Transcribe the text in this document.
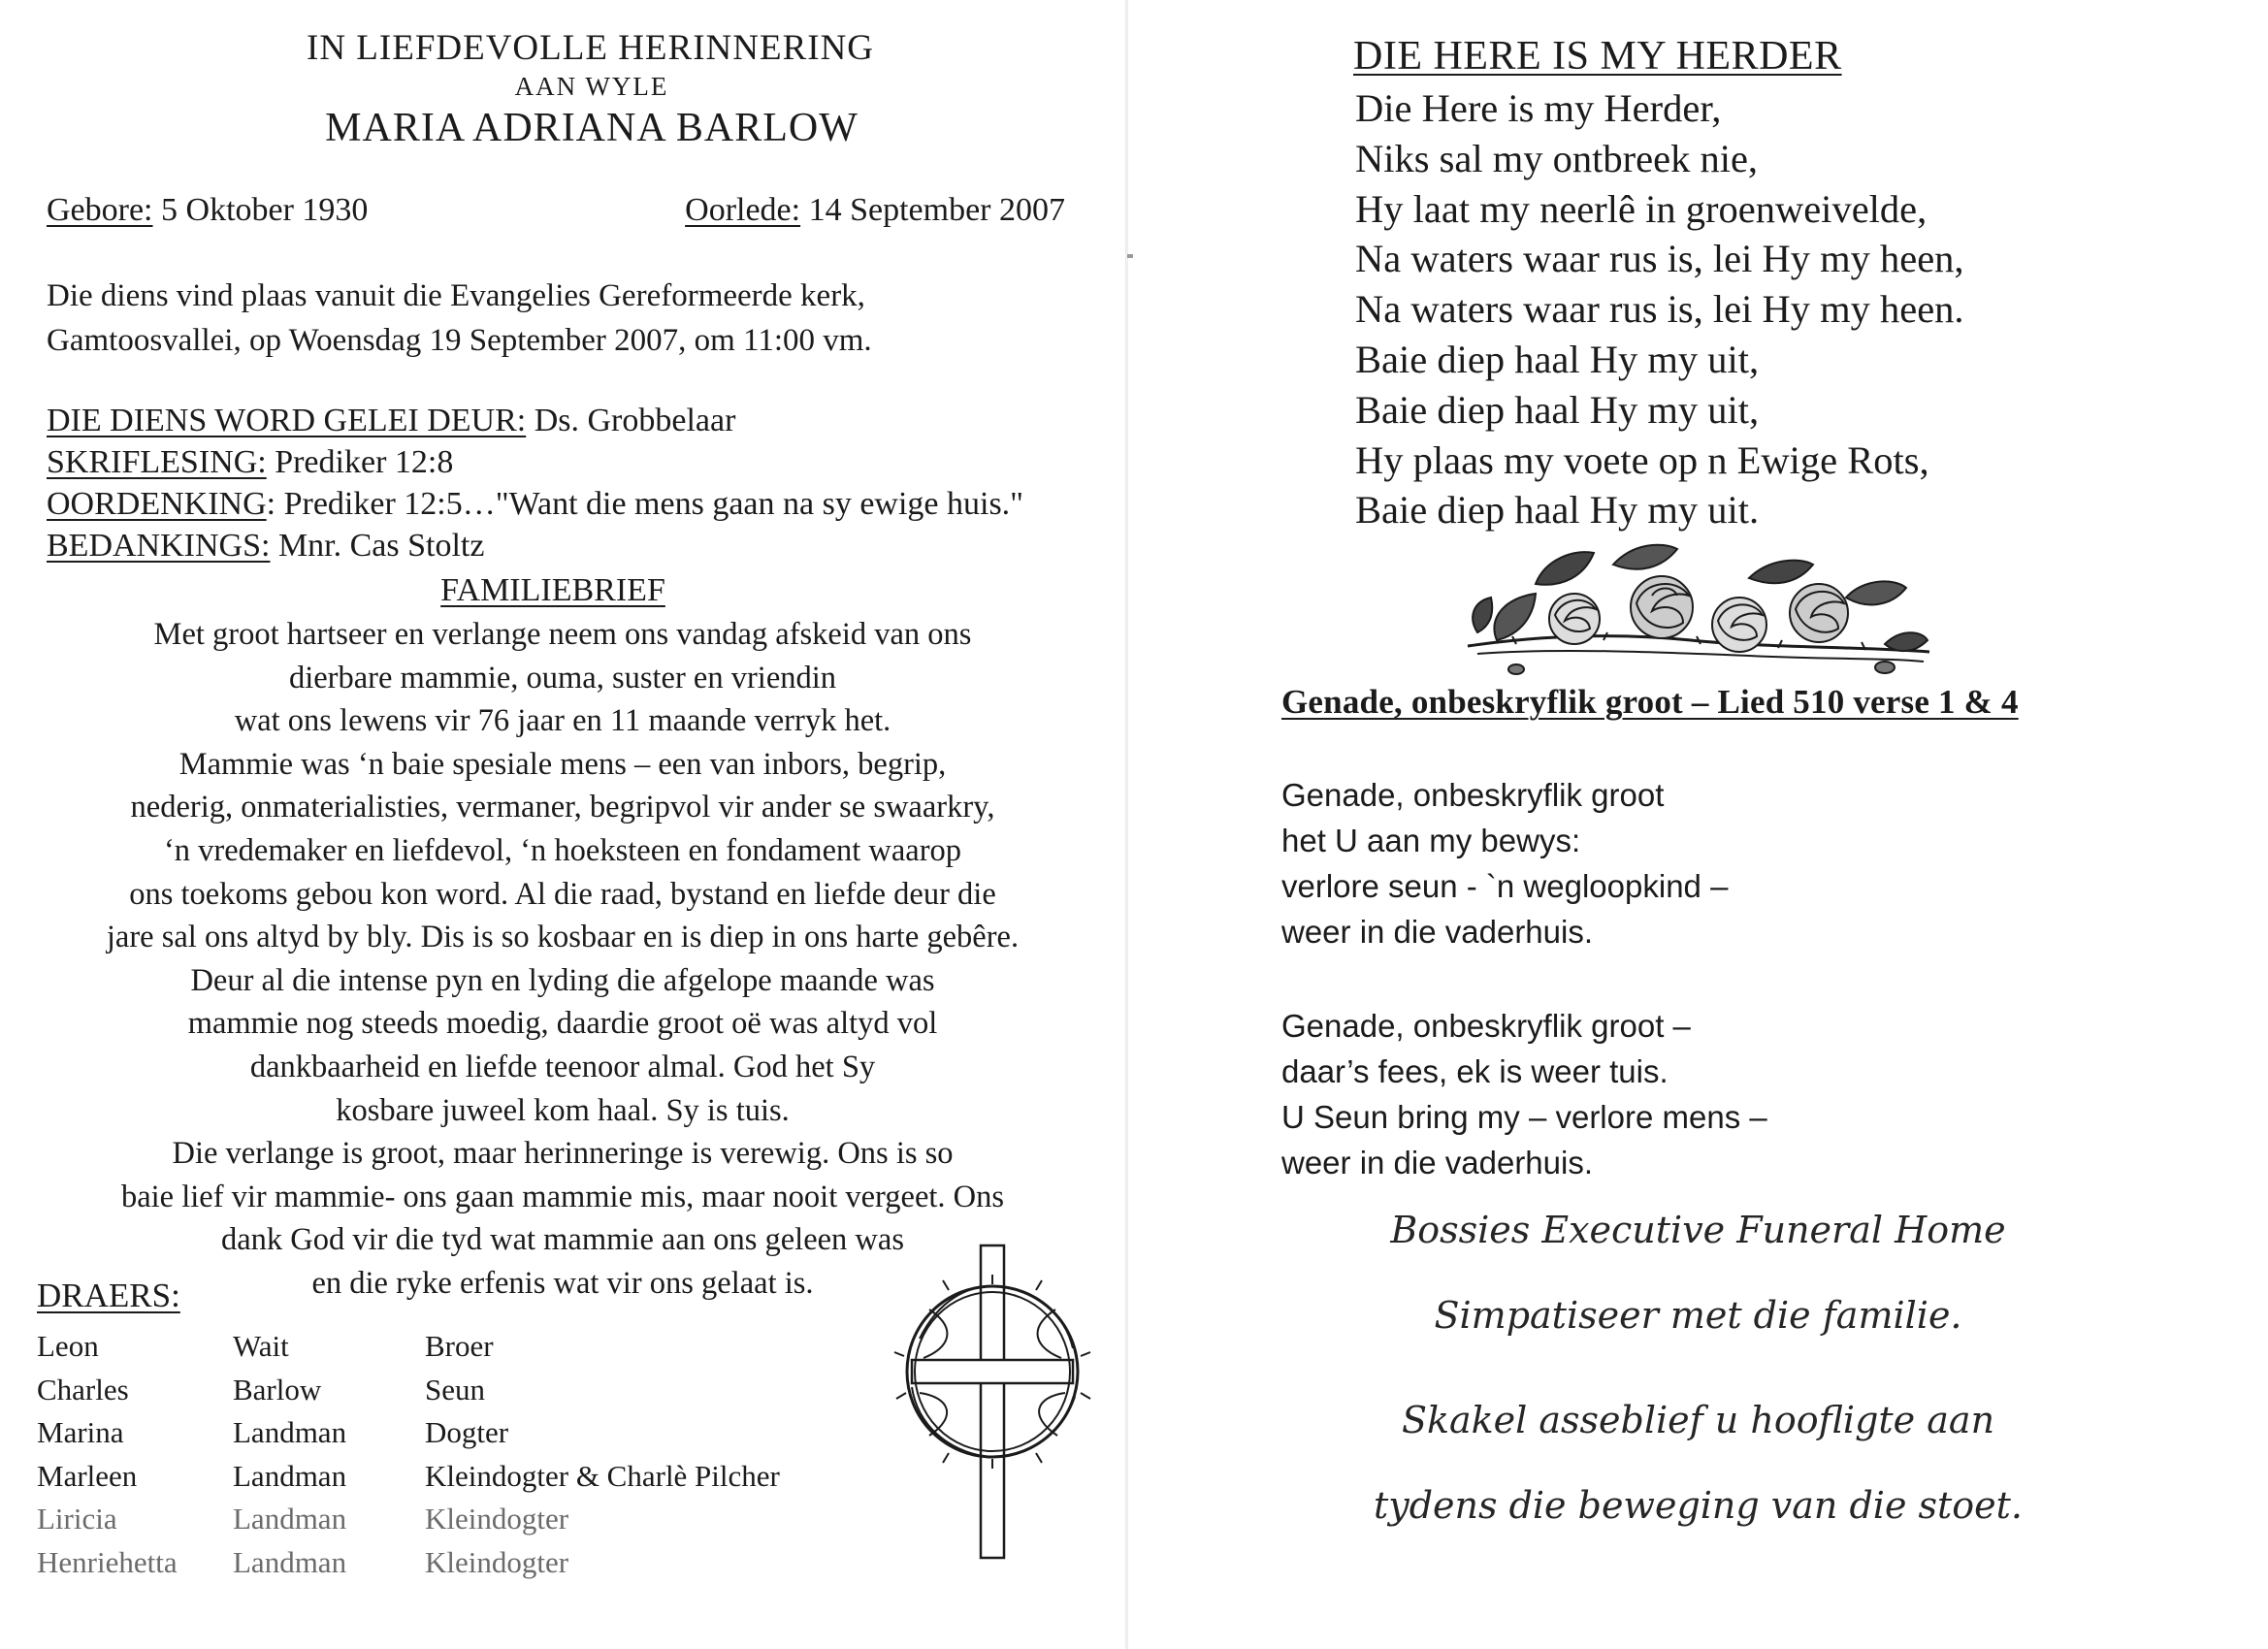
IN LIEFDEVOLLE HERINNERING
AAN WYLE
MARIA ADRIANA BARLOW
Gebore: 5 Oktober 1930	Oorlede: 14 September 2007
Die diens vind plaas vanuit die Evangelies Gereformeerde kerk,
Gamtoosvallei, op Woensdag 19 September 2007, om 11:00 vm.
DIE DIENS WORD GELEI DEUR: Ds. Grobbelaar
SKRIFLESING: Prediker 12:8
OORDENKING: Prediker 12:5…"Want die mens gaan na sy ewige huis."
BEDANKINGS: Mnr. Cas Stoltz
FAMILIEBRIEF
Met groot hartseer en verlange neem ons vandag afskeid van ons
dierbare mammie, ouma, suster en vriendin
wat ons lewens vir 76 jaar en 11 maande verryk het.
Mammie was ‘n baie spesiale mens – een van inbors, begrip,
nederig, onmaterialisties, vermaner, begripvol vir ander se swaarkry,
‘n vredemaker en liefdevol, ‘n hoeksteen en fondament waarop
ons toekoms gebou kon word. Al die raad, bystand en liefde deur die
jare sal ons altyd by bly. Dis is so kosbaar en is diep in ons harte gebêre.
Deur al die intense pyn en lyding die afgelope maande was
mammie nog steeds moedig, daardie groot oë was altyd vol
dankbaarheid en liefde teenoor almal. God het Sy
kosbare juweel kom haal. Sy is tuis.
Die verlange is groot, maar herinneringe is verewig. Ons is so
baie lief vir mammie- ons gaan mammie mis, maar nooit vergeet. Ons
dank God vir die tyd wat mammie aan ons geleen was
en die ryke erfenis wat vir ons gelaat is.
DRAERS:
Leon	Wait	Broer
Charles	Barlow	Seun
Marina	Landman	Dogter
Marleen	Landman	Kleindogter & Charlè Pilcher
Liricia	Landman	Kleindogter
Henriehetta	Landman	Kleindogter
DIE HERE IS MY HERDER
Die Here is my Herder,
Niks sal my ontbreek nie,
Hy laat my neerlê in groenweivelde,
Na waters waar rus is, lei Hy my heen,
Na waters waar rus is, lei Hy my heen.
Baie diep haal Hy my uit,
Baie diep haal Hy my uit,
Hy plaas my voete op n Ewige Rots,
Baie diep haal Hy my uit.
Genade, onbeskryflik groot – Lied 510 verse 1 & 4
Genade, onbeskryflik groot
het U aan my bewys:
verlore seun - `n wegloopkind –
weer in die vaderhuis.
Genade, onbeskryflik groot –
daar’s fees, ek is weer tuis.
U Seun bring my – verlore mens –
weer in die vaderhuis.
Bossies Executive Funeral Home
Simpatiseer met die familie.
Skakel asseblief u hoofligte aan
tydens die beweging van die stoet.
